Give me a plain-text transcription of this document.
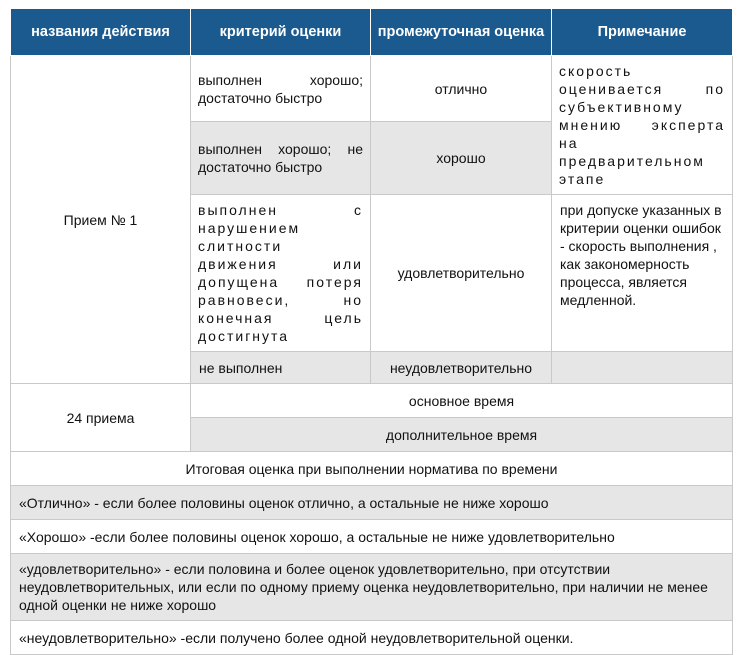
названия действия	критерий оценки	промежуточная оценка	Примечание
Прием № 1	выполнен хорошо; достаточно быстро	отлично	скорость оценивается по субъективному мнению эксперта на предварительном этапе
	выполнен хорошо; не достаточно быстро	хорошо	
	выполнен с нарушением слитности движения или допущена потеря равновеси, но конечная цель достигнута	удовлетворительно	при допуске указанных в критерии оценки ошибок - скорость выполнения , как закономерность процесса, является медленной.
	не выполнен	неудовлетворительно	
24 приема	основное время		
	дополнительное время		
Итоговая оценка при выполнении норматива по времени			
«Отлично» - если более половины оценок отлично, а остальные не ниже хорошо			
«Хорошо» -если более половины оценок хорошо, а остальные не ниже удовлетворительно			
«удовлетворительно» - если половина и более оценок удовлетворительно, при отсутствии неудовлетворительных, или если по одному приему оценка неудовлетворительно, при наличии не менее одной оценки не ниже хорошо			
«неудовлетворительно» -если получено более одной неудовлетворительной оценки.			
